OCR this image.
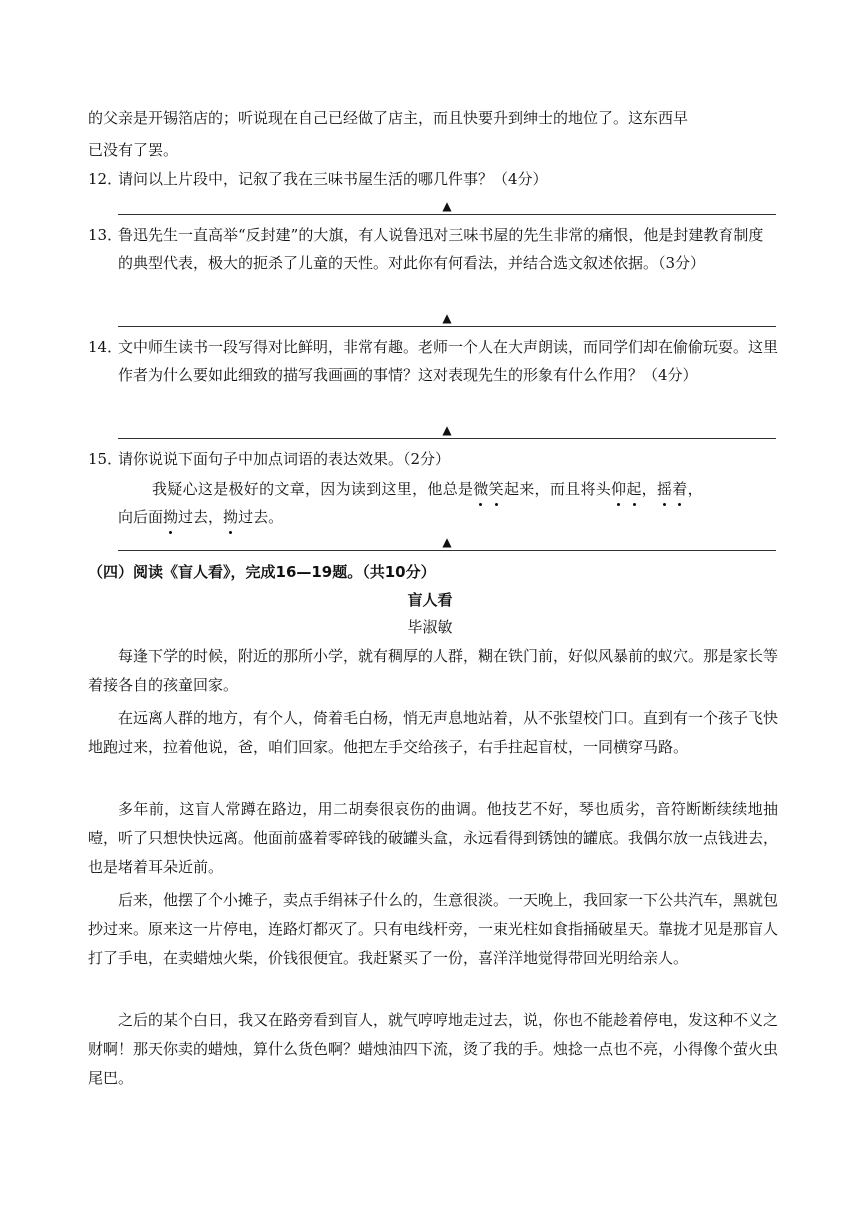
的父亲是开锡箔店的；听说现在自己已经做了店主，而且快要升到绅士的地位了。这东西早
已没有了罢。
12．
请问以上片段中，记叙了我在三味书屋生活的哪几件事？（4分）
▲
13．
鲁迅先生一直高举“反封建”的大旗，有人说鲁迅对三味书屋的先生非常的痛恨，他是封建教育制度的典型代表，极大的扼杀了儿童的天性。对此你有何看法，并结合选文叙述依据。（3分）
▲
14．
文中师生读书一段写得对比鲜明，非常有趣。老师一个人在大声朗读，而同学们却在偷偷玩耍。这里作者为什么要如此细致的描写我画画的事情？这对表现先生的形象有什么作用？（4分）
▲
15．
请你说说下面句子中加点词语的表达效果。（2分）
我疑心这是极好的文章，因为读到这里，他总是微笑起来，而且将头仰起，摇着，
向后面拗过去，拗过去。
▲
（四）阅读《盲人看》，完成16—19题。（共10分）
盲人看
毕淑敏
每逢下学的时候，附近的那所小学，就有稠厚的人群，糊在铁门前，好似风暴前的蚁穴。那是家长等着接各自的孩童回家。
在远离人群的地方，有个人，倚着毛白杨，悄无声息地站着，从不张望校门口。直到有一个孩子飞快地跑过来，拉着他说，爸，咱们回家。他把左手交给孩子，右手拄起盲杖，一同横穿马路。
多年前，这盲人常蹲在路边，用二胡奏很哀伤的曲调。他技艺不好，琴也质劣，音符断断续续地抽噎，听了只想快快远离。他面前盛着零碎钱的破罐头盒，永远看得到锈蚀的罐底。我偶尔放一点钱进去，也是堵着耳朵近前。
后来，他摆了个小摊子，卖点手绢袜子什么的，生意很淡。一天晚上，我回家一下公共汽车，黑就包抄过来。原来这一片停电，连路灯都灭了。只有电线杆旁，一束光柱如食指捅破星天。靠拢才见是那盲人打了手电，在卖蜡烛火柴，价钱很便宜。我赶紧买了一份，喜洋洋地觉得带回光明给亲人。
之后的某个白日，我又在路旁看到盲人，就气哼哼地走过去，说，你也不能趁着停电，发这种不义之财啊！那天你卖的蜡烛，算什么货色啊？蜡烛油四下流，烫了我的手。烛捻一点也不亮，小得像个萤火虫尾巴。
